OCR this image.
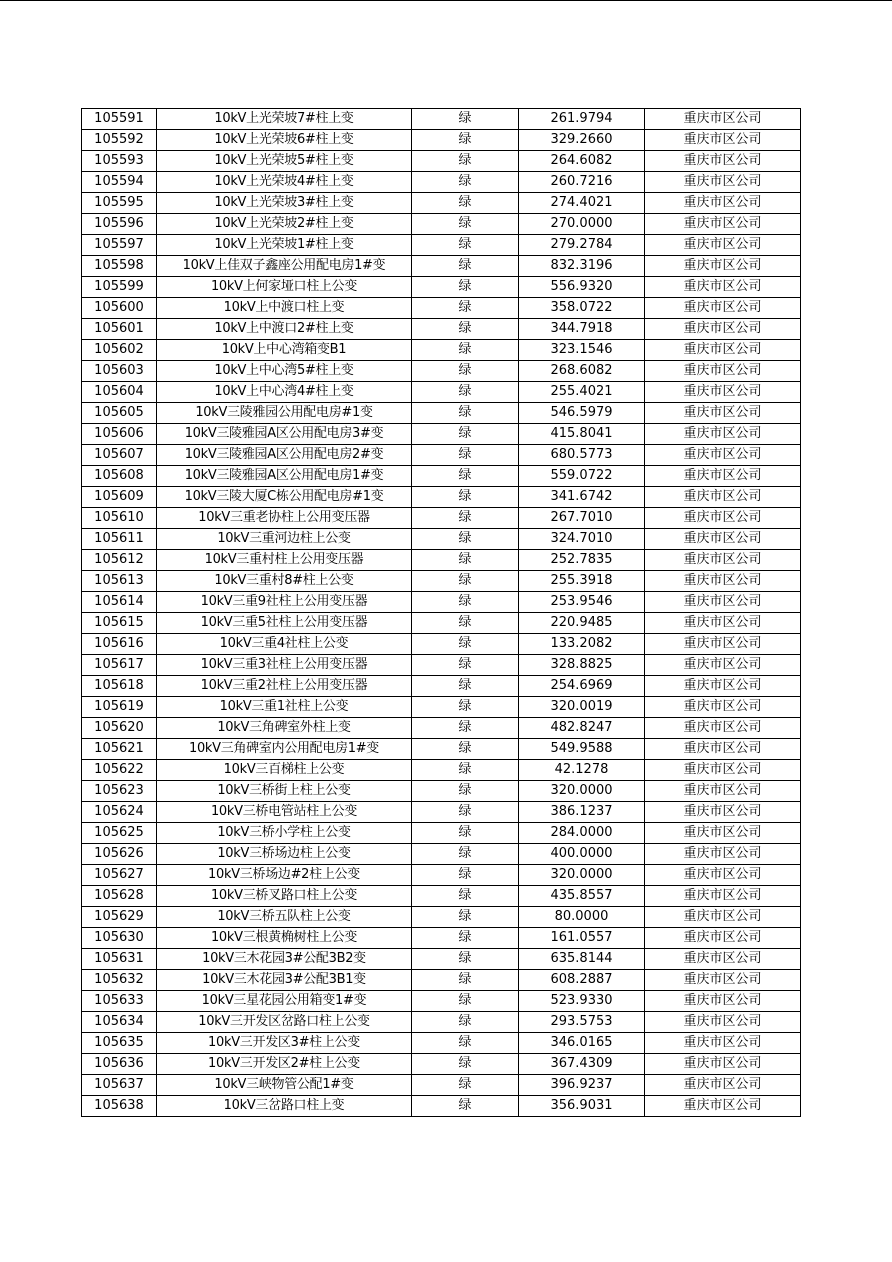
105591	10kV上光荣坡7#柱上变	绿	261.9794	重庆市区公司
105592	10kV上光荣坡6#柱上变	绿	329.2660	重庆市区公司
105593	10kV上光荣坡5#柱上变	绿	264.6082	重庆市区公司
105594	10kV上光荣坡4#柱上变	绿	260.7216	重庆市区公司
105595	10kV上光荣坡3#柱上变	绿	274.4021	重庆市区公司
105596	10kV上光荣坡2#柱上变	绿	270.0000	重庆市区公司
105597	10kV上光荣坡1#柱上变	绿	279.2784	重庆市区公司
105598	10kV上佳双子鑫座公用配电房1#变	绿	832.3196	重庆市区公司
105599	10kV上何家垭口柱上公变	绿	556.9320	重庆市区公司
105600	10kV上中渡口柱上变	绿	358.0722	重庆市区公司
105601	10kV上中渡口2#柱上变	绿	344.7918	重庆市区公司
105602	10kV上中心湾箱变B1	绿	323.1546	重庆市区公司
105603	10kV上中心湾5#柱上变	绿	268.6082	重庆市区公司
105604	10kV上中心湾4#柱上变	绿	255.4021	重庆市区公司
105605	10kV三陵雅园公用配电房#1变	绿	546.5979	重庆市区公司
105606	10kV三陵雅园A区公用配电房3#变	绿	415.8041	重庆市区公司
105607	10kV三陵雅园A区公用配电房2#变	绿	680.5773	重庆市区公司
105608	10kV三陵雅园A区公用配电房1#变	绿	559.0722	重庆市区公司
105609	10kV三陵大厦C栋公用配电房#1变	绿	341.6742	重庆市区公司
105610	10kV三重老协柱上公用变压器	绿	267.7010	重庆市区公司
105611	10kV三重河边柱上公变	绿	324.7010	重庆市区公司
105612	10kV三重村柱上公用变压器	绿	252.7835	重庆市区公司
105613	10kV三重村8#柱上公变	绿	255.3918	重庆市区公司
105614	10kV三重9社柱上公用变压器	绿	253.9546	重庆市区公司
105615	10kV三重5社柱上公用变压器	绿	220.9485	重庆市区公司
105616	10kV三重4社柱上公变	绿	133.2082	重庆市区公司
105617	10kV三重3社柱上公用变压器	绿	328.8825	重庆市区公司
105618	10kV三重2社柱上公用变压器	绿	254.6969	重庆市区公司
105619	10kV三重1社柱上公变	绿	320.0019	重庆市区公司
105620	10kV三角碑室外柱上变	绿	482.8247	重庆市区公司
105621	10kV三角碑室内公用配电房1#变	绿	549.9588	重庆市区公司
105622	10kV三百梯柱上公变	绿	42.1278	重庆市区公司
105623	10kV三桥街上柱上公变	绿	320.0000	重庆市区公司
105624	10kV三桥电管站柱上公变	绿	386.1237	重庆市区公司
105625	10kV三桥小学柱上公变	绿	284.0000	重庆市区公司
105626	10kV三桥场边柱上公变	绿	400.0000	重庆市区公司
105627	10kV三桥场边#2柱上公变	绿	320.0000	重庆市区公司
105628	10kV三桥叉路口柱上公变	绿	435.8557	重庆市区公司
105629	10kV三桥五队柱上公变	绿	80.0000	重庆市区公司
105630	10kV三根黄桷树柱上公变	绿	161.0557	重庆市区公司
105631	10kV三木花园3#公配3B2变	绿	635.8144	重庆市区公司
105632	10kV三木花园3#公配3B1变	绿	608.2887	重庆市区公司
105633	10kV三星花园公用箱变1#变	绿	523.9330	重庆市区公司
105634	10kV三开发区岔路口柱上公变	绿	293.5753	重庆市区公司
105635	10kV三开发区3#柱上公变	绿	346.0165	重庆市区公司
105636	10kV三开发区2#柱上公变	绿	367.4309	重庆市区公司
105637	10kV三峡物管公配1#变	绿	396.9237	重庆市区公司
105638	10kV三岔路口柱上变	绿	356.9031	重庆市区公司
